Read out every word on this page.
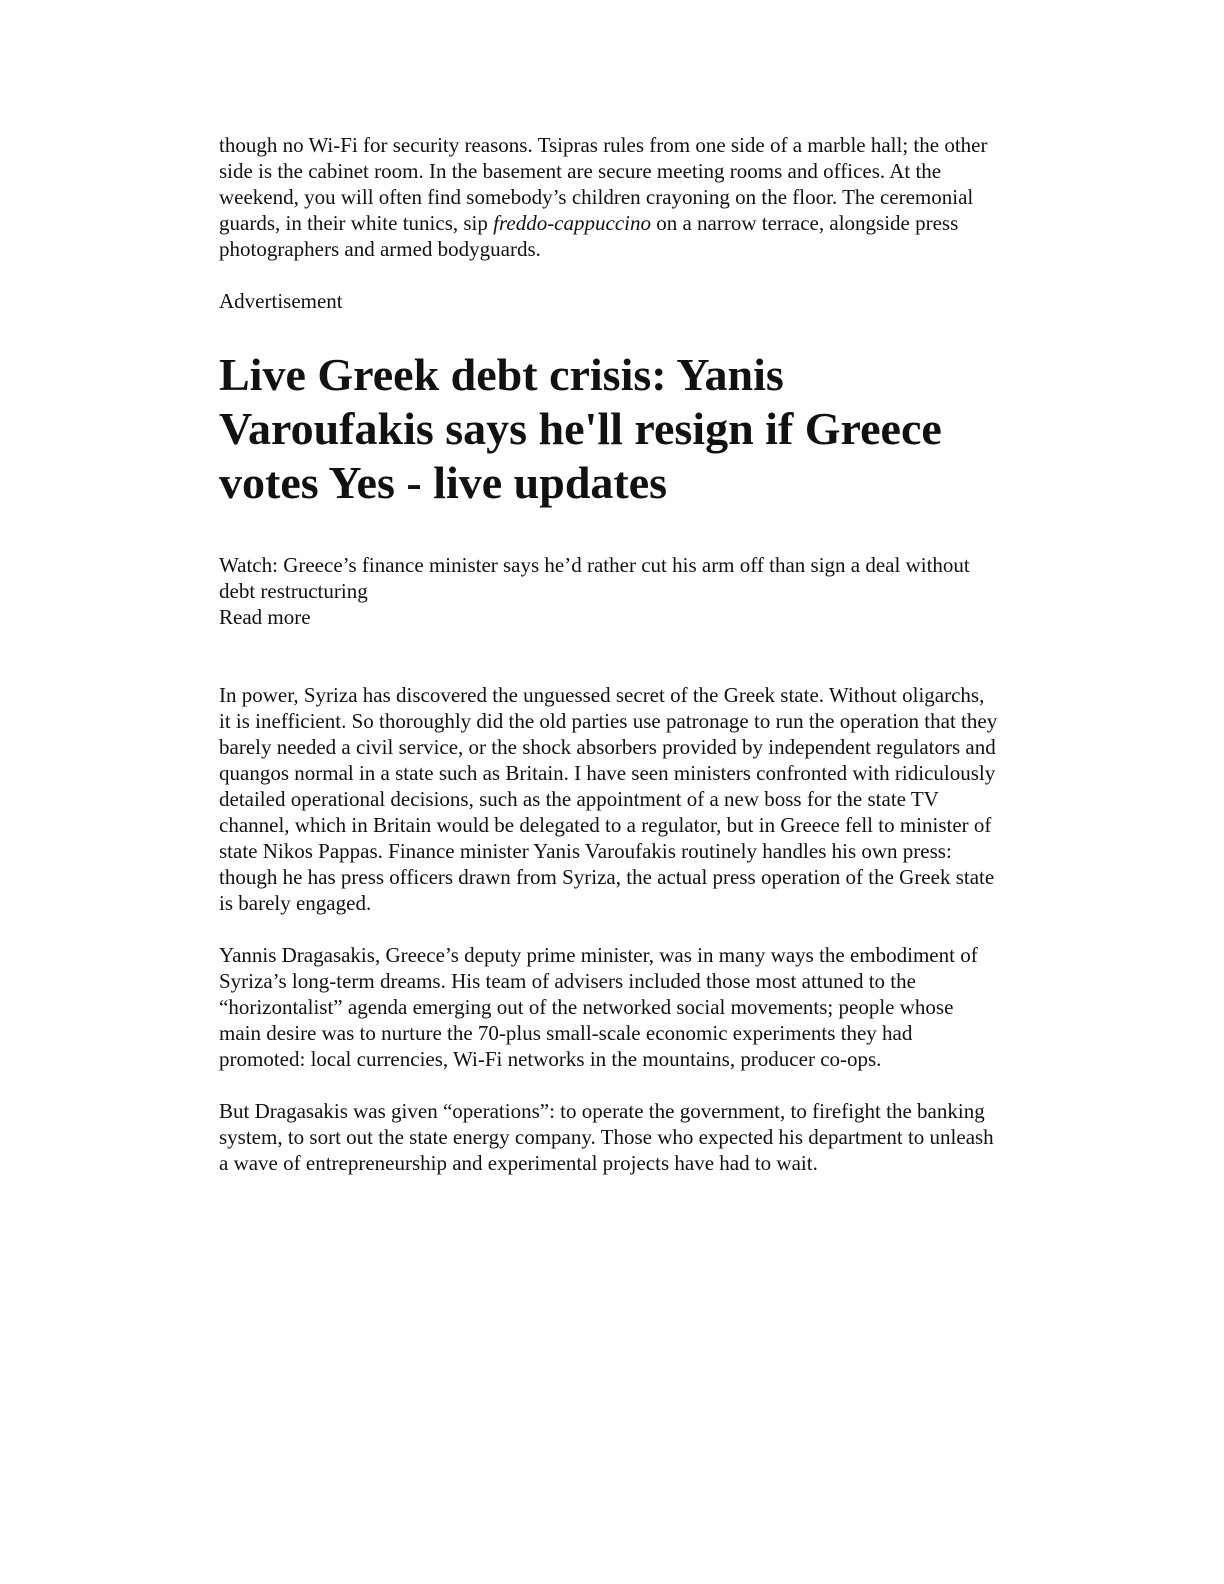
though no Wi-Fi for security reasons. Tsipras rules from one side of a marble hall; the other side is the cabinet room. In the basement are secure meeting rooms and offices. At the weekend, you will often find somebody’s children crayoning on the floor. The ceremonial guards, in their white tunics, sip freddo-cappuccino on a narrow terrace, alongside press photographers and armed bodyguards.

Advertisement

Live Greek debt crisis: Yanis Varoufakis says he'll resign if Greece votes Yes - live updates

Watch: Greece’s finance minister says he’d rather cut his arm off than sign a deal without debt restructuring
Read more

In power, Syriza has discovered the unguessed secret of the Greek state. Without oligarchs, it is inefficient. So thoroughly did the old parties use patronage to run the operation that they barely needed a civil service, or the shock absorbers provided by independent regulators and quangos normal in a state such as Britain. I have seen ministers confronted with ridiculously detailed operational decisions, such as the appointment of a new boss for the state TV channel, which in Britain would be delegated to a regulator, but in Greece fell to minister of state Nikos Pappas. Finance minister Yanis Varoufakis routinely handles his own press: though he has press officers drawn from Syriza, the actual press operation of the Greek state is barely engaged.

Yannis Dragasakis, Greece’s deputy prime minister, was in many ways the embodiment of Syriza’s long-term dreams. His team of advisers included those most attuned to the “horizontalist” agenda emerging out of the networked social movements; people whose main desire was to nurture the 70-plus small-scale economic experiments they had promoted: local currencies, Wi-Fi networks in the mountains, producer co-ops.

But Dragasakis was given “operations”: to operate the government, to firefight the banking system, to sort out the state energy company. Those who expected his department to unleash a wave of entrepreneurship and experimental projects have had to wait.
